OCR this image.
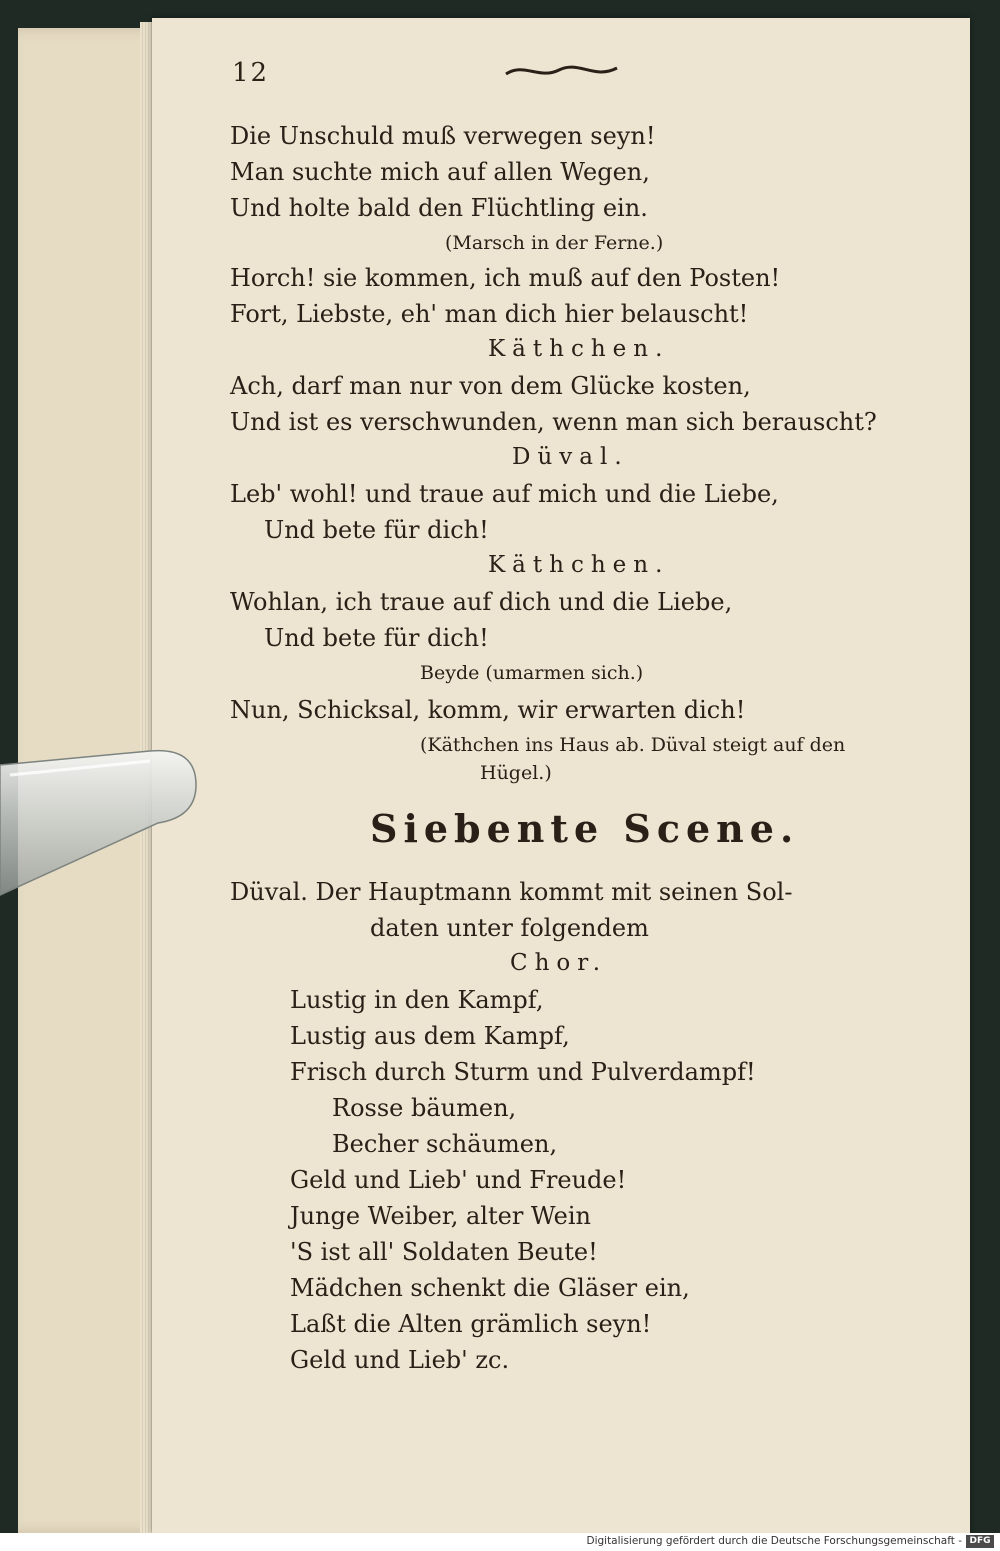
12
Die Unschuld muß verwegen seyn!
Man suchte mich auf allen Wegen,
Und holte bald den Flüchtling ein.
(Marsch in der Ferne.)
Horch! sie kommen, ich muß auf den Posten!
Fort, Liebste, eh' man dich hier belauscht!
Käthchen.
Ach, darf man nur von dem Glücke kosten,
Und ist es verschwunden, wenn man sich berauscht?
Düval.
Leb' wohl! und traue auf mich und die Liebe,
Und bete für dich!
Käthchen.
Wohlan, ich traue auf dich und die Liebe,
Und bete für dich!
Beyde (umarmen sich.)
Nun, Schicksal, komm, wir erwarten dich!
(Käthchen ins Haus ab. Düval steigt auf den
Hügel.)
Siebente Scene.
Düval. Der Hauptmann kommt mit seinen Sol-
daten unter folgendem
Chor.
Lustig in den Kampf,
Lustig aus dem Kampf,
Frisch durch Sturm und Pulverdampf!
Rosse bäumen,
Becher schäumen,
Geld und Lieb' und Freude!
Junge Weiber, alter Wein
'S ist all' Soldaten Beute!
Mädchen schenkt die Gläser ein,
Laßt die Alten grämlich seyn!
Geld und Lieb' zc.
Digitalisierung gefördert durch die Deutsche Forschungsgemeinschaft - DFG
